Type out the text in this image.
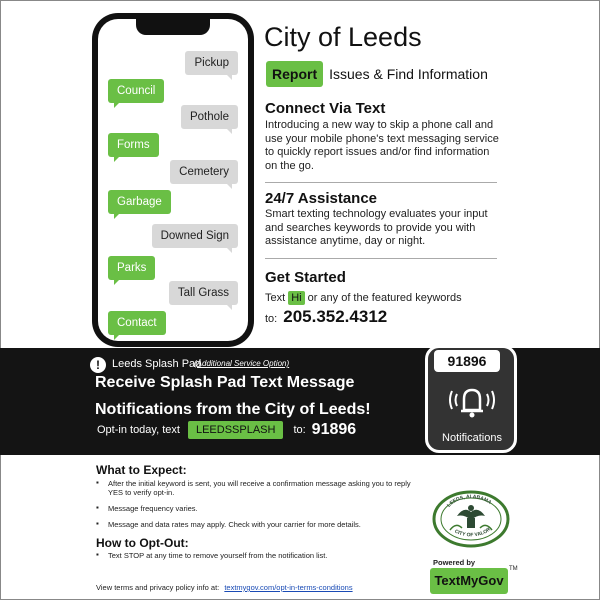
Pickup
Council
Pothole
Forms
Cemetery
Garbage
Downed Sign
Parks
Tall Grass
Contact
City of Leeds
Report Issues & Find Information
Connect Via Text
Introducing a new way to skip a phone call and use your mobile phone's text messaging service to quickly report issues and/or find information on the go.
24/7 Assistance
Smart texting technology evaluates your input and searches keywords to provide you with assistance anytime, day or night.
Get Started
Text Hi or any of the featured keywords
to: 205.352.4312
!	Leeds Splash Pad
(Additional Service Option)
Receive Splash Pad Text Message
Notifications from the City of Leeds!
Opt-in today, text	LEEDSSPLASH	to: 91896
91896
Notifications
What to Expect:
▪ After the initial keyword is sent, you will receive a confirmation message asking you to reply YES to verify opt-in.
▪ Message frequency varies.
▪ Message and data rates may apply. Check with your carrier for more details.
How to Opt-Out:
▪ Text STOP at any time to remove yourself from the notification list.
View terms and privacy policy info at: textmygov.com/opt-in-terms-conditions
LEEDS, ALABAMA
CITY OF VALOR
Powered by
TextMyGov
TM
